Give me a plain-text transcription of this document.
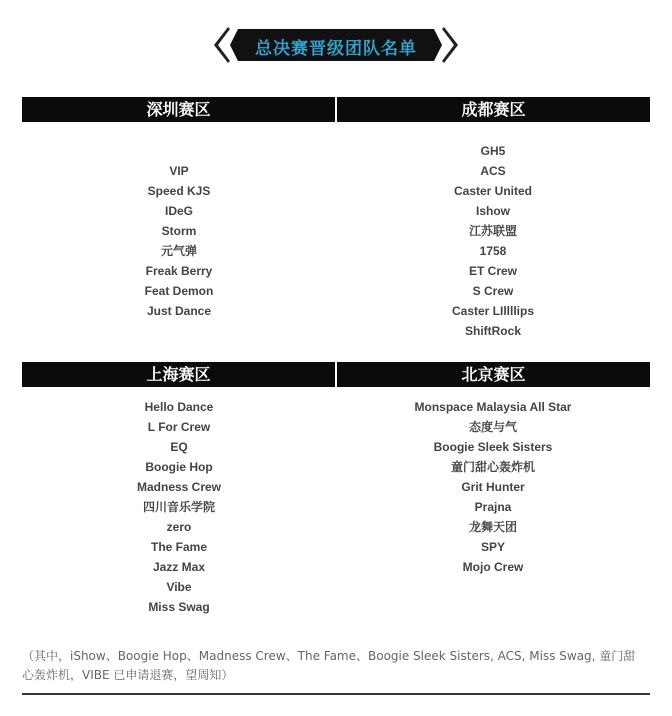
总决赛晋级团队名单
深圳赛区	成都赛区
VIP
Speed KJS
IDeG
Storm
元气弹
Freak Berry
Feat Demon
Just Dance
GH5
ACS
Caster United
Ishow
江苏联盟
1758
ET Crew
S Crew
Caster LIllllips
ShiftRock
上海赛区	北京赛区
Hello Dance
L For Crew
EQ
Boogie Hop
Madness Crew
四川音乐学院
zero
The Fame
Jazz Max
Vibe
Miss Swag
Monspace Malaysia All Star
态度与气
Boogie Sleek Sisters
童门甜心轰炸机
Grit Hunter
Prajna
龙舞天团
SPY
Mojo Crew
（其中，iShow、Boogie Hop、Madness Crew、The Fame、Boogie Sleek Sisters, ACS, Miss Swag, 童门甜心轰炸机，VIBE 已申请退赛，望周知）
